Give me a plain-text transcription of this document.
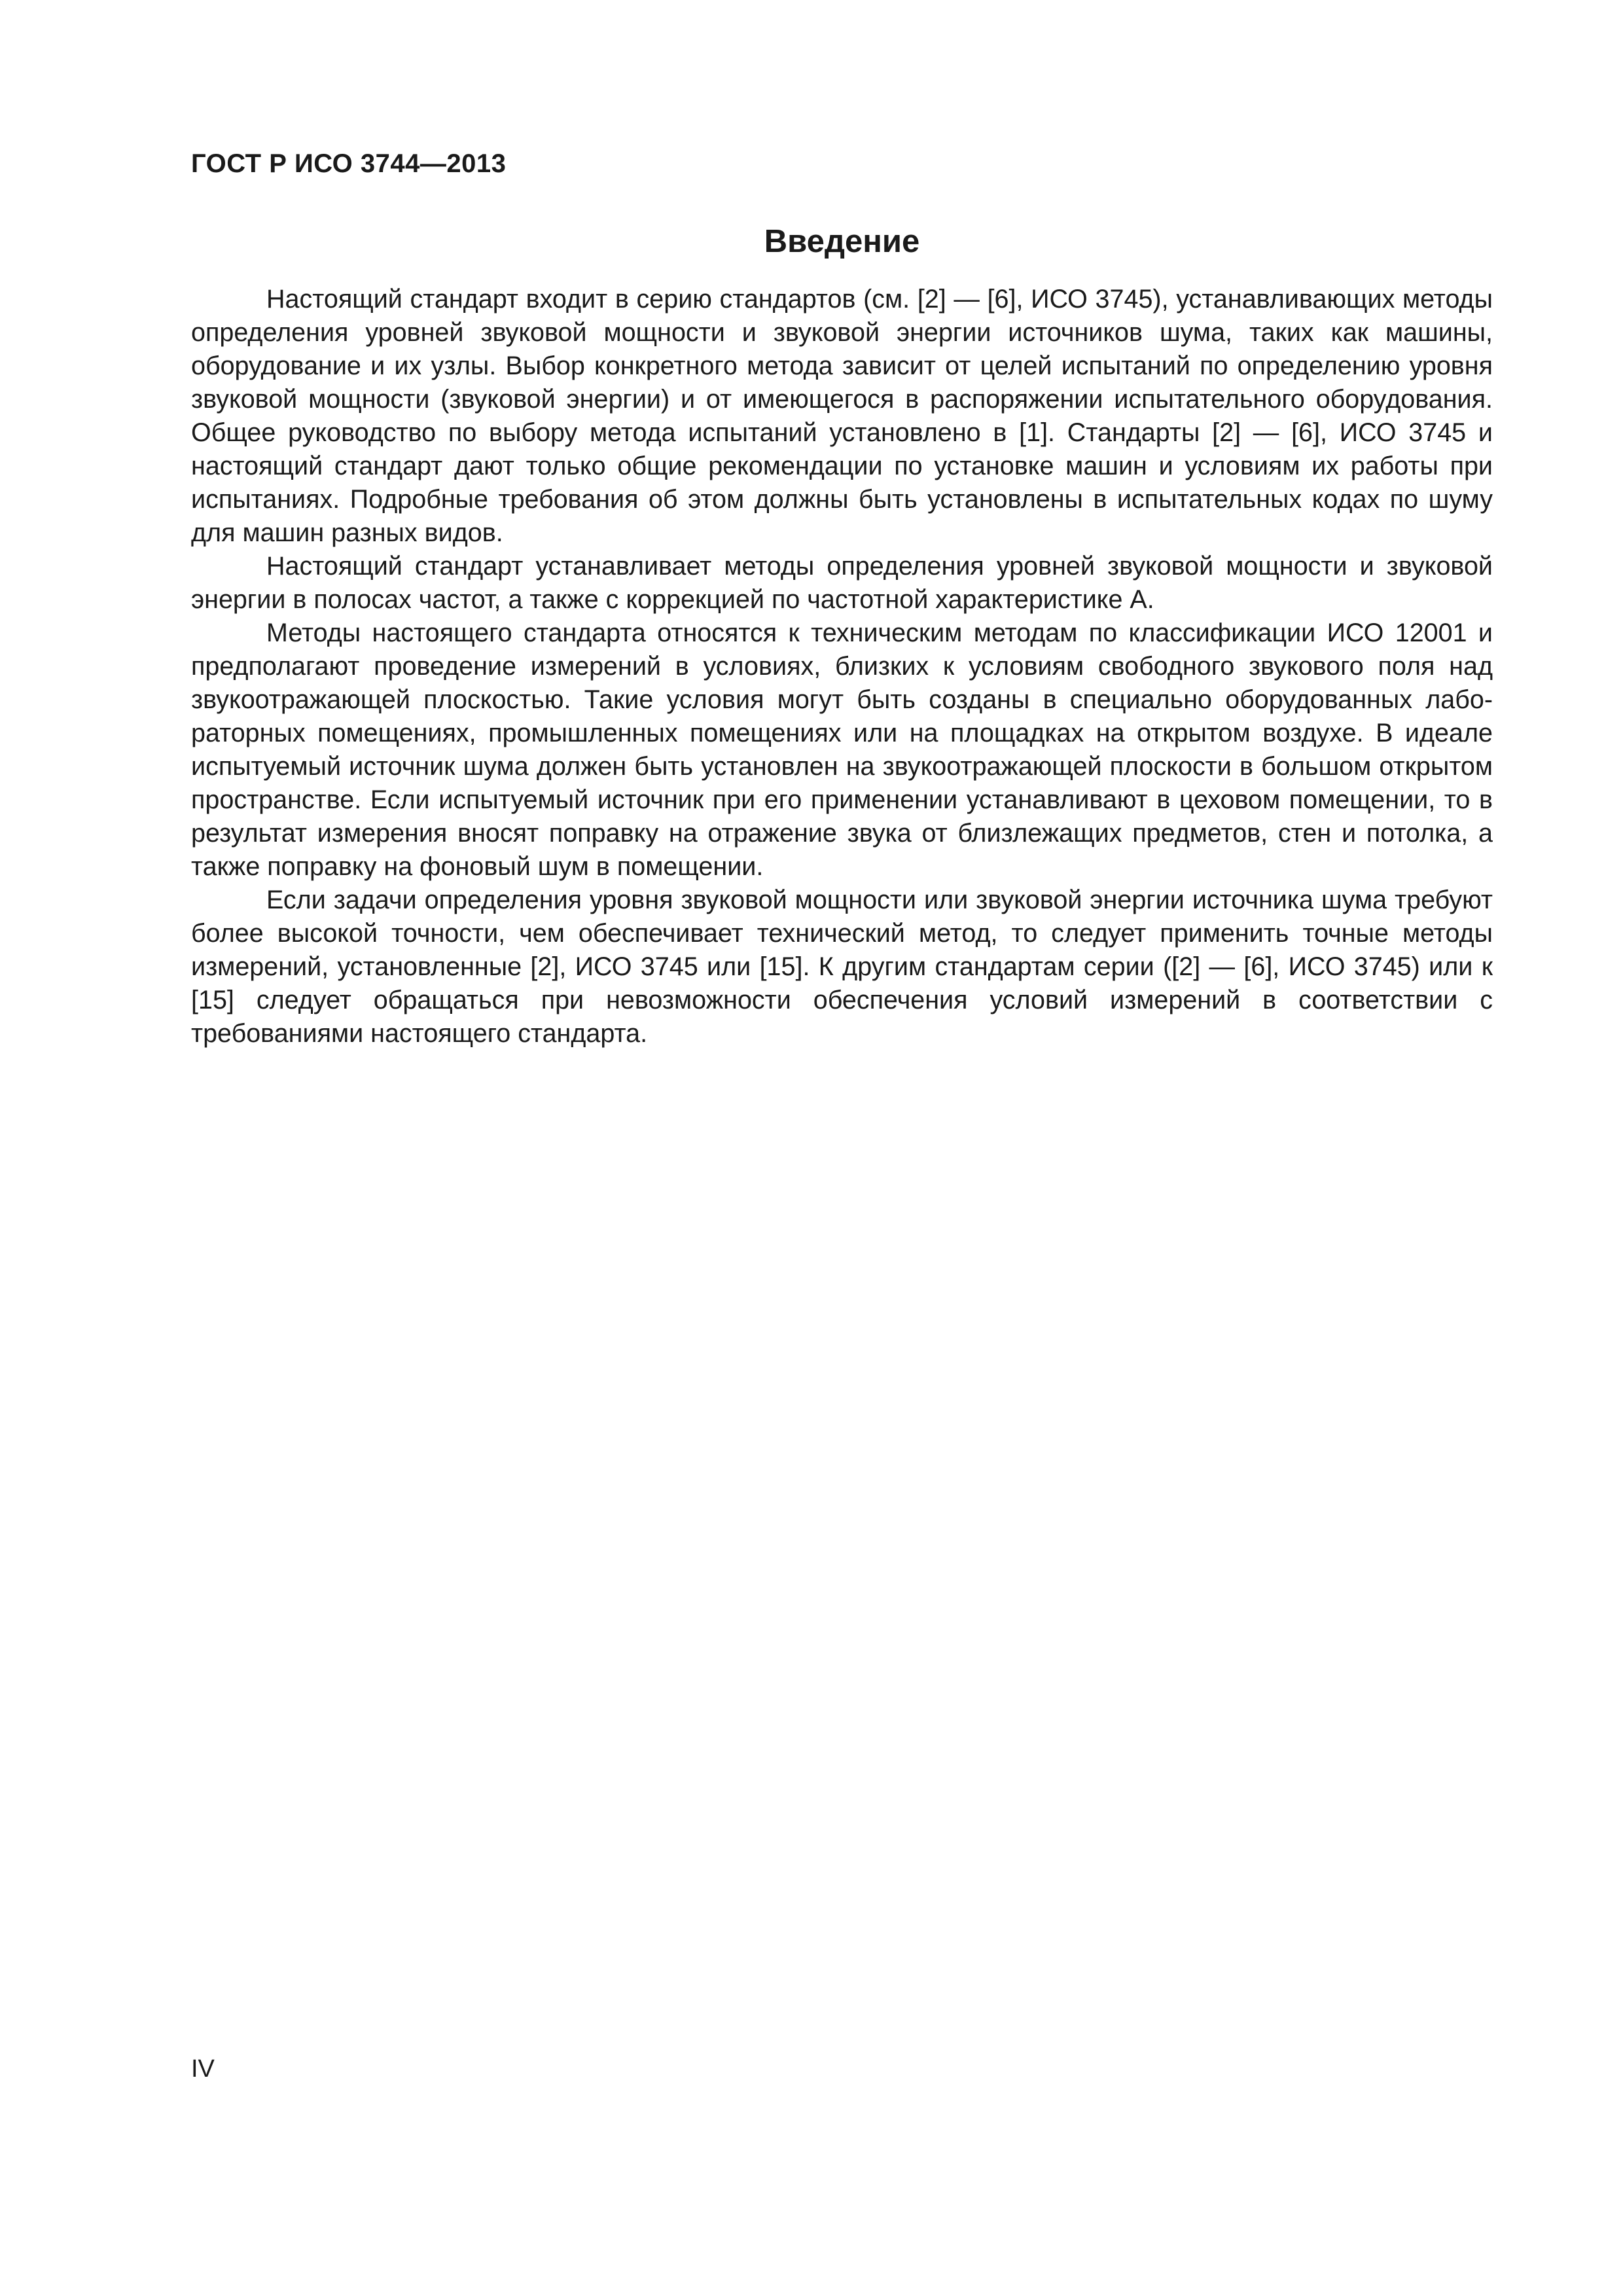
ГОСТ Р ИСО 3744—2013
Введение

Настоящий стандарт входит в серию стандартов (см. [2] — [6], ИСО 3745), устанавливающих методы определения уровней звуковой мощности и звуковой энергии источников шума, таких как машины, оборудование и их узлы. Выбор конкретного метода зависит от целей испытаний по определению уровня звуковой мощности (звуковой энергии) и от имеющегося в распоряжении испытательного оборудования. Общее руководство по выбору метода испытаний установлено в [1]. Стандарты [2] — [6], ИСО 3745 и настоящий стандарт дают только общие рекомендации по установке машин и условиям их работы при испытаниях. Подробные требования об этом должны быть установлены в испытательных кодах по шуму для машин разных видов.

Настоящий стандарт устанавливает методы определения уровней звуковой мощности и звуковой энергии в полосах частот, а также с коррекцией по частотной характеристике А.

Методы настоящего стандарта относятся к техническим методам по классификации ИСО 12001 и предполагают проведение измерений в условиях, близких к условиям свободного звукового поля над звукоотражающей плоскостью. Такие условия могут быть созданы в специально оборудованных лабораторных помещениях, промышленных помещениях или на площадках на открытом воздухе. В идеале испытуемый источник шума должен быть установлен на звукоотражающей плоскости в большом открытом пространстве. Если испытуемый источник при его применении устанавливают в цеховом помещении, то в результат измерения вносят поправку на отражение звука от близлежащих предметов, стен и потолка, а также поправку на фоновый шум в помещении.

Если задачи определения уровня звуковой мощности или звуковой энергии источника шума требуют более высокой точности, чем обеспечивает технический метод, то следует применить точные методы измерений, установленные [2], ИСО 3745 или [15]. К другим стандартам серии ([2] — [6], ИСО 3745) или к [15] следует обращаться при невозможности обеспечения условий измерений в соответствии с требованиями настоящего стандарта.

IV
